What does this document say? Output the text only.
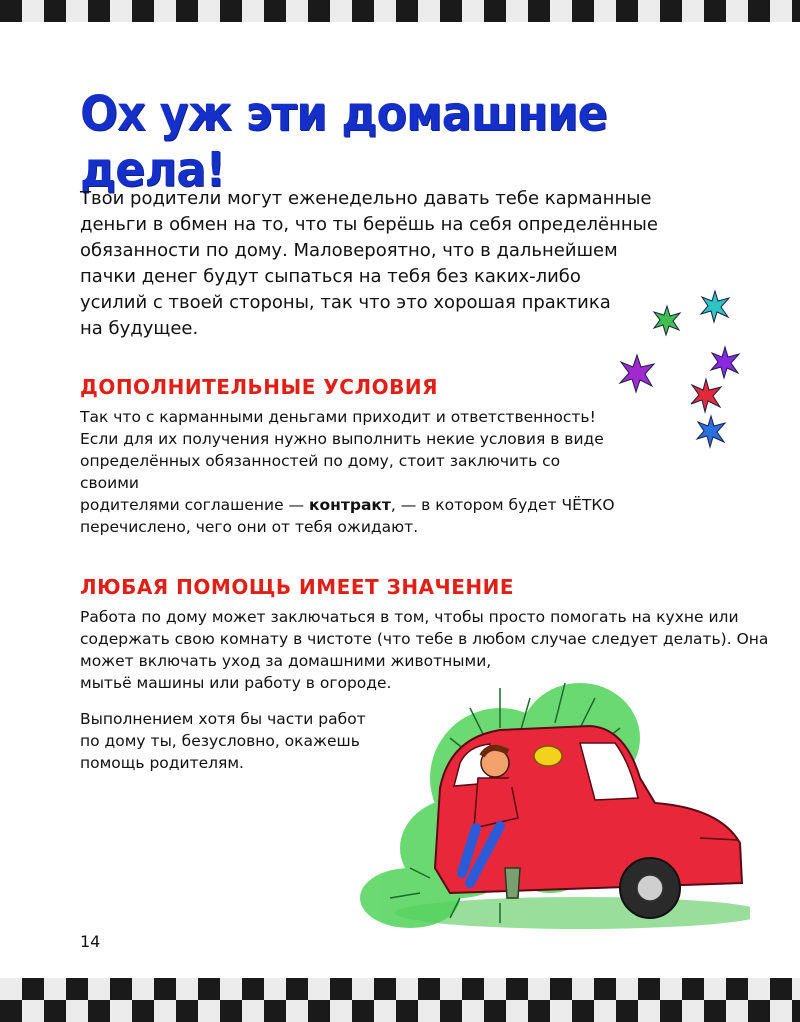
Ох уж эти домашние дела!

Твои родители могут еженедельно давать тебе карманные
деньги в обмен на то, что ты берёшь на себя определённые
обязанности по дому. Маловероятно, что в дальнейшем
пачки денег будут сыпаться на тебя без каких-либо
усилий с твоей стороны, так что это хорошая практика
на будущее.

ДОПОЛНИТЕЛЬНЫЕ УСЛОВИЯ

Так что с карманными деньгами приходит и ответственность!
Если для их получения нужно выполнить некие условия в виде
определённых обязанностей по дому, стоит заключить со своими
родителями соглашение — контракт, — в котором будет ЧЁТКО
перечислено, чего они от тебя ожидают.

ЛЮБАЯ ПОМОЩЬ ИМЕЕТ ЗНАЧЕНИЕ

Работа по дому может заключаться в том, чтобы просто помогать на кухне или
содержать свою комнату в чистоте (что тебе в любом случае следует делать). Она
может включать уход за домашними животными,
мытьё машины или работу в огороде.

Выполнением хотя бы части работ
по дому ты, безусловно, окажешь
помощь родителям.

14
